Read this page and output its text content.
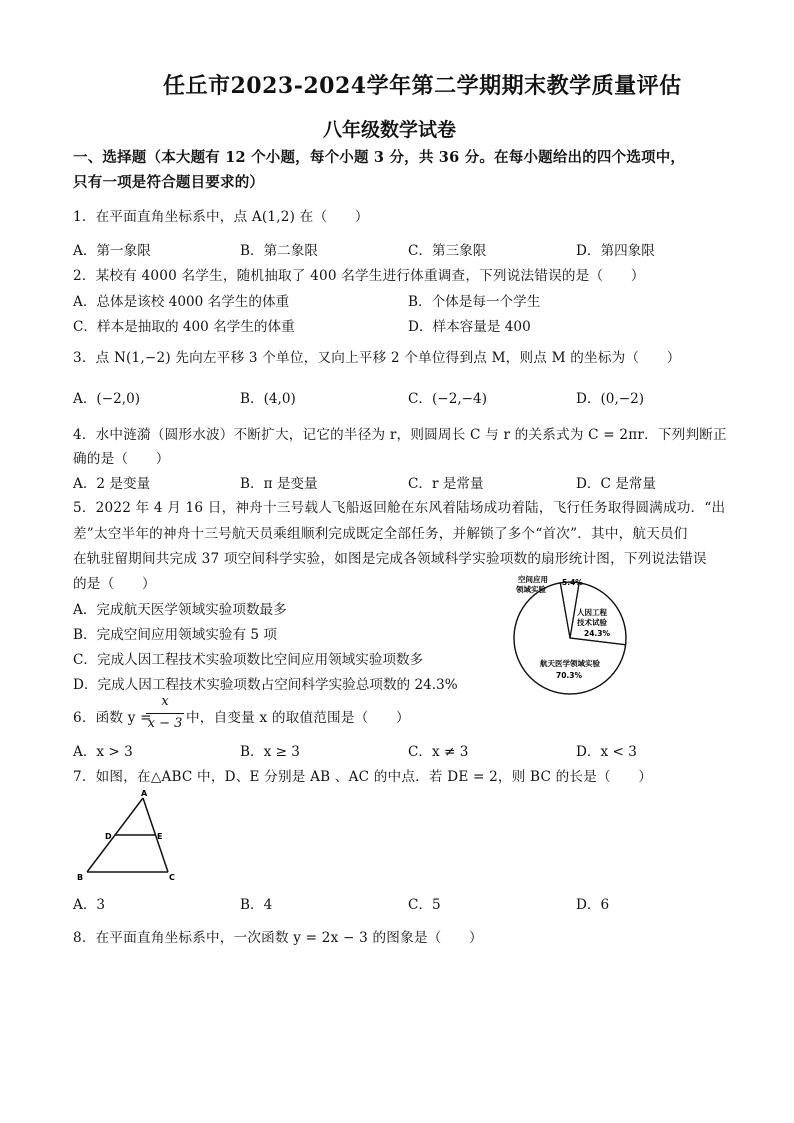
任丘市2023-2024学年第二学期期末教学质量评估
八年级数学试卷
一、选择题（本大题有 12 个小题，每个小题 3 分，共 36 分。在每小题给出的四个选项中，
只有一项是符合题目要求的）
1．在平面直角坐标系中，点 A(1,2) 在（　　）
A．第一象限	B．第二象限	C．第三象限	D．第四象限
2．某校有 4000 名学生，随机抽取了 400 名学生进行体重调查，下列说法错误的是（　　）
A．总体是该校 4000 名学生的体重	B．个体是每一个学生
C．样本是抽取的 400 名学生的体重	D．样本容量是 400
3．点 N(1,−2) 先向左平移 3 个单位，又向上平移 2 个单位得到点 M，则点 M 的坐标为（　　）
A．(−2,0)	B．(4,0)	C．(−2,−4)	D．(0,−2)
4．水中涟漪（圆形水波）不断扩大，记它的半径为 r，则圆周长 C 与 r 的关系式为 C = 2πr．下列判断正
确的是（　　）
A．2 是变量	B．π 是变量	C．r 是常量	D．C 是常量
5．2022 年 4 月 16 日，神舟十三号载人飞船返回舱在东风着陆场成功着陆，飞行任务取得圆满成功．“出
差”太空半年的神舟十三号航天员乘组顺利完成既定全部任务，并解锁了多个“首次”．其中，航天员们
在轨驻留期间共完成 37 项空间科学实验，如图是完成各领域科学实验项数的扇形统计图，下列说法错误
的是（　　）
A．完成航天医学领域实验项数最多
B．完成空间应用领域实验有 5 项
C．完成人因工程技术实验项数比空间应用领域实验项数多
D．完成人因工程技术实验项数占空间科学实验总项数的 24.3%
空间应用
领域实验
5.4%
人因工程
技术试验
24.3%
航天医学领域实验
70.3%
6．函数 y =
x
x − 3 中，自变量 x 的取值范围是（　　）
A．x > 3	B．x ≥ 3	C．x ≠ 3	D．x < 3
7．如图，在△ABC 中，D、E 分别是 AB 、AC 的中点．若 DE = 2，则 BC 的长是（　　）
A
D	E
B	C
A．3	B．4	C．5	D．6
8．在平面直角坐标系中，一次函数 y = 2x − 3 的图象是（　　）
